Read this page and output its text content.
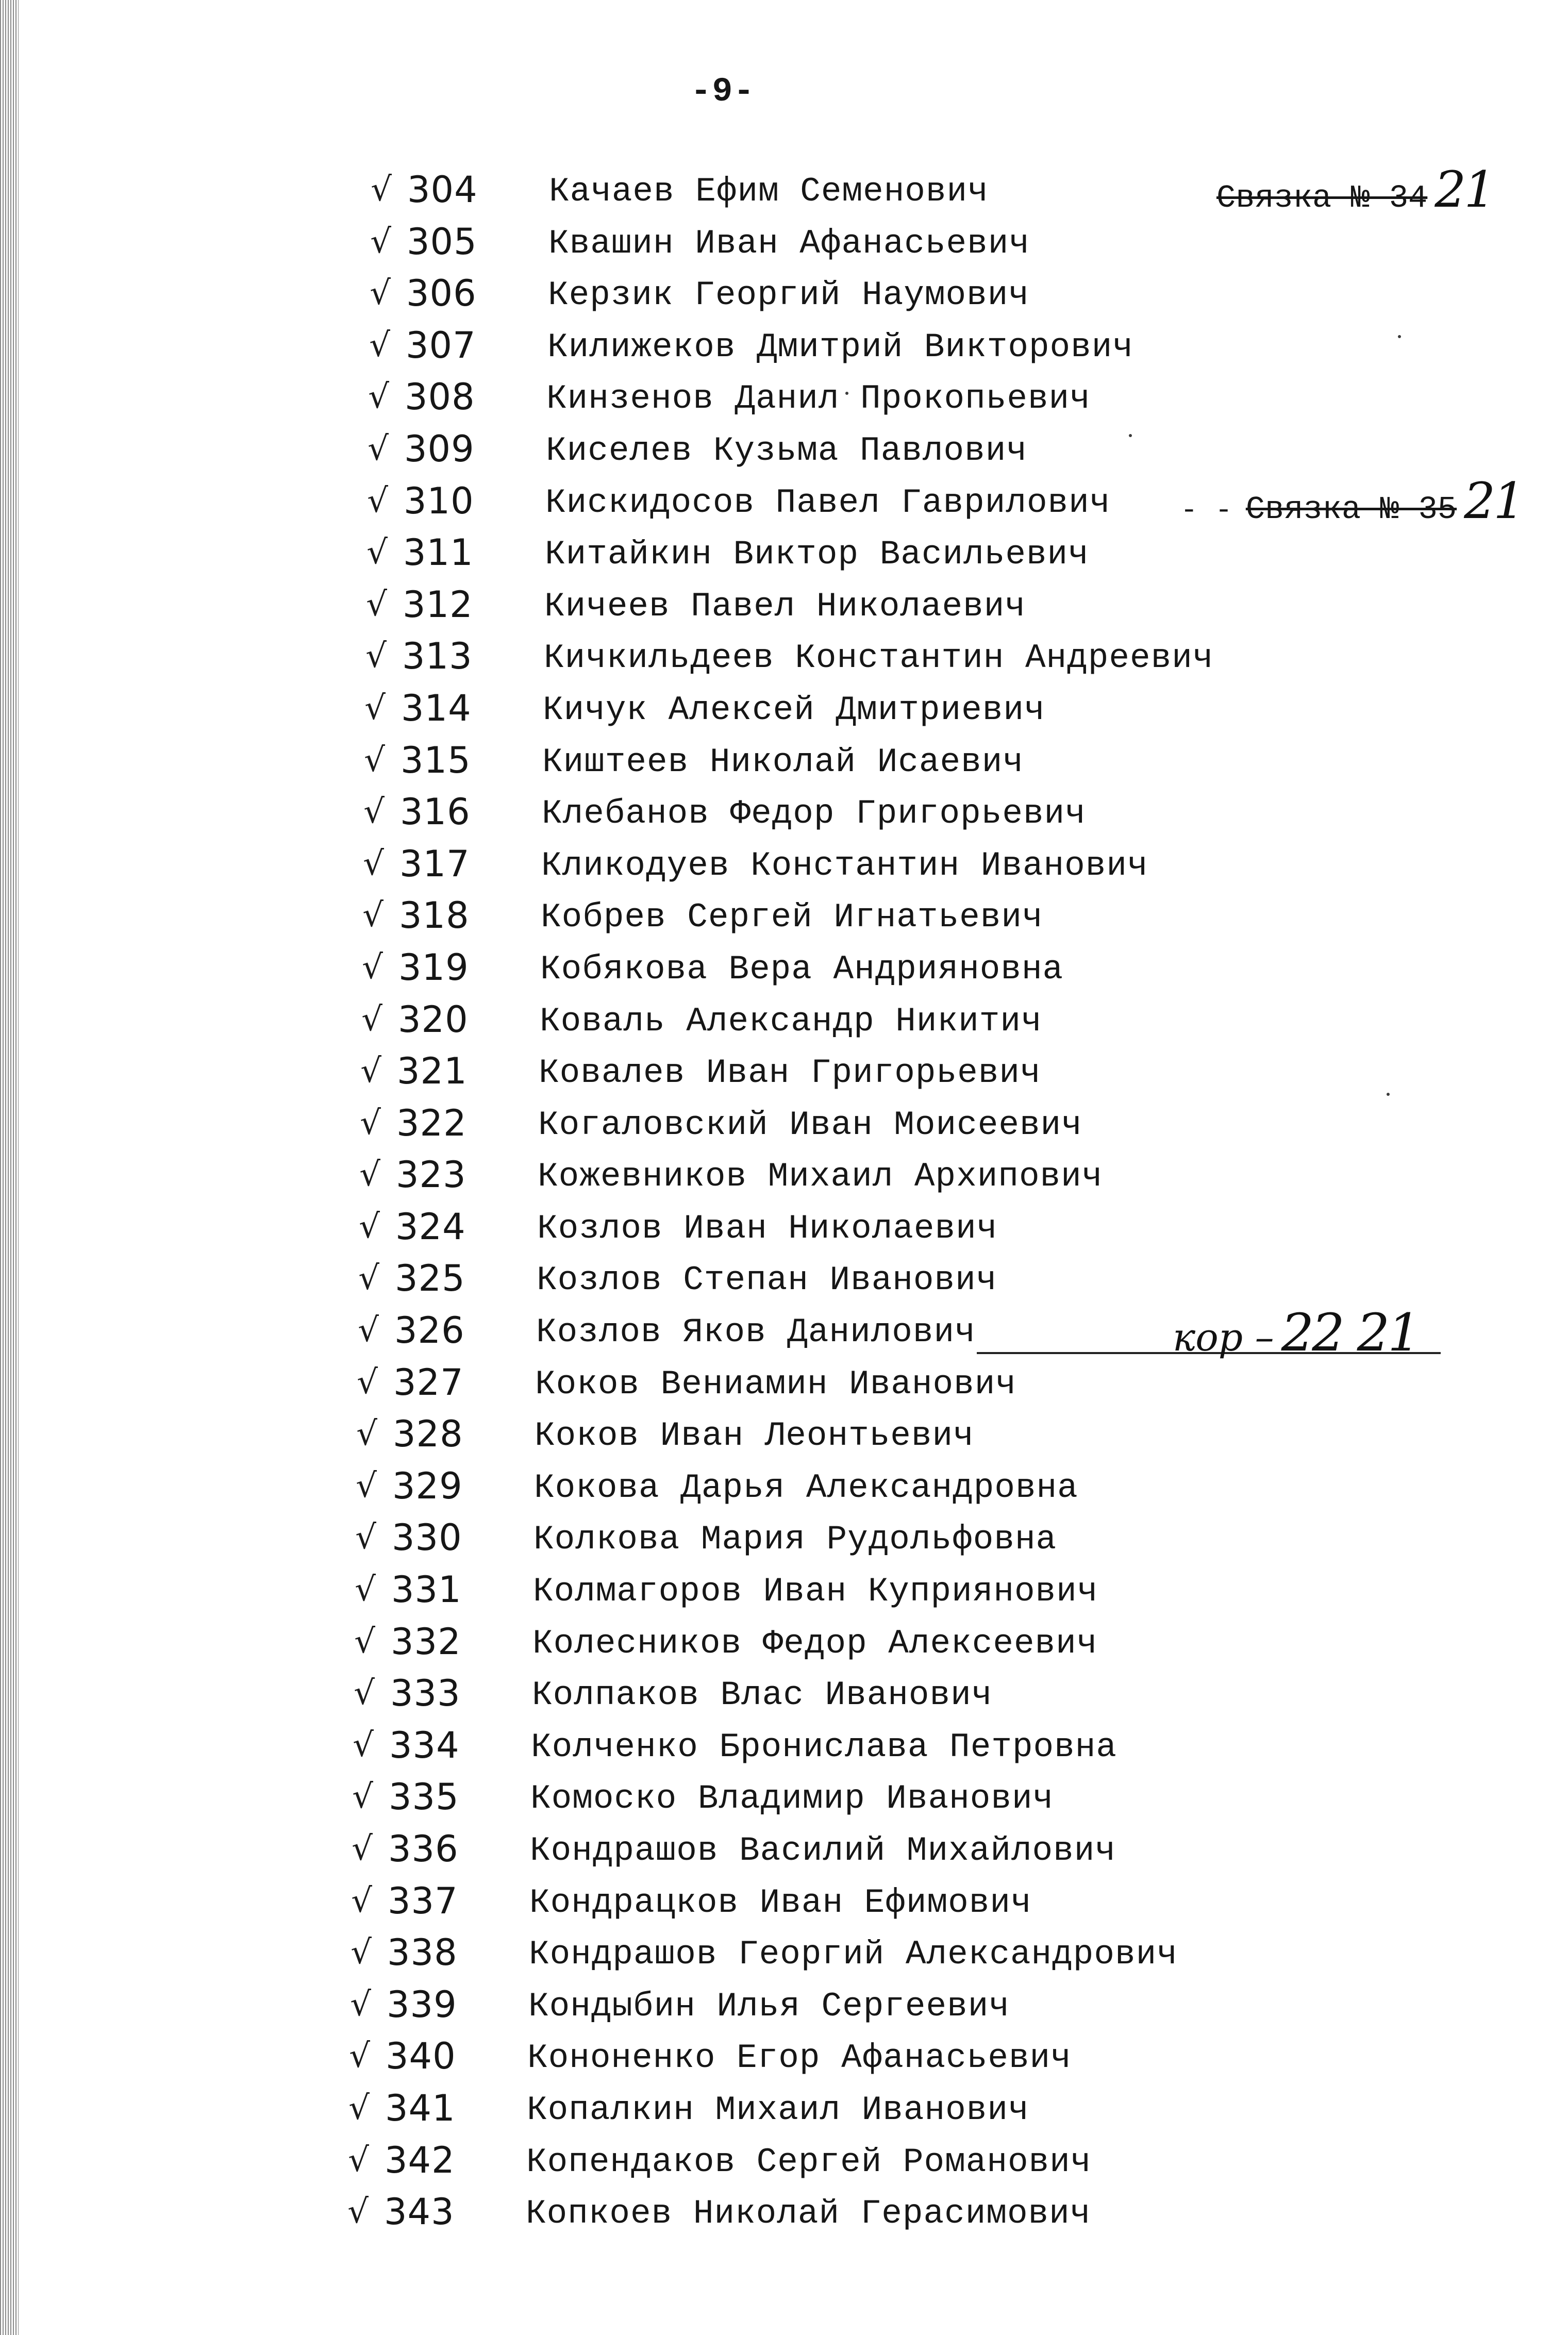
-9-
√ 304 Качаев Ефим Семенович	Связка № 34 21
√ 305 Квашин Иван Афанасьевич
√ 306 Керзик Георгий Наумович
√ 307 Килижеков Дмитрий Викторович
√ 308 Кинзенов Данил Прокопьевич
√ 309 Киселев Кузьма Павлович
√ 310 Кискидосов Павел Гаврилович - - Связка № 35 21
√ 311 Китайкин Виктор Васильевич
√ 312 Кичеев Павел Николаевич
√ 313 Кичкильдеев Константин Андреевич
√ 314 Кичук Алексей Дмитриевич
√ 315 Киштеев Николай Исаевич
√ 316 Клебанов Федор Григорьевич
√ 317 Кликодуев Константин Иванович
√ 318 Кобрев Сергей Игнатьевич
√ 319 Кобякова Вера Андрияновна
√ 320 Коваль Александр Никитич
√ 321 Ковалев Иван Григорьевич
√ 322 Когаловский Иван Моисеевич
√ 323 Кожевников Михаил Архипович
√ 324 Козлов Иван Николаевич
√ 325 Козлов Степан Иванович
√ 326 Козлов Яков Данилович	кор – 22 21
√ 327 Коков Вениамин Иванович
√ 328 Коков Иван Леонтьевич
√ 329 Кокова Дарья Александровна
√ 330 Колкова Мария Рудольфовна
√ 331 Колмагоров Иван Куприянович
√ 332 Колесников Федор Алексеевич
√ 333 Колпаков Влас Иванович
√ 334 Колченко Бронислава Петровна
√ 335 Комоско Владимир Иванович
√ 336 Кондрашов Василий Михайлович
√ 337 Кондрацков Иван Ефимович
√ 338 Кондрашов Георгий Александрович
√ 339 Кондыбин Илья Сергеевич
√ 340 Кононенко Егор Афанасьевич
√ 341 Копалкин Михаил Иванович
√ 342 Копендаков Сергей Романович
√ 343 Копкоев Николай Герасимович
